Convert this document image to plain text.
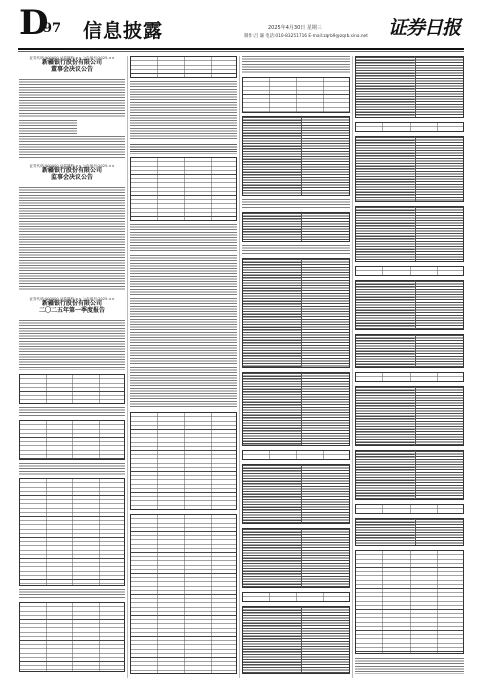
D
97 信息披露	2025年4月30日 星期三
制作:吕 谦 电话:010-83251716 E-mail:zqrb9@zqrb.sina.net 证券日报
证券代码:000000 证券简称:×× 公告编号:2025-××
新疆银行股份有限公司
董事会决议公告
证券代码:000000 证券简称:×× 公告编号:2025-××
新疆银行股份有限公司
监事会决议公告
证券代码:000000 证券简称:×× 公告编号:2025-××
新疆银行股份有限公司
二〇二五年第一季度报告
